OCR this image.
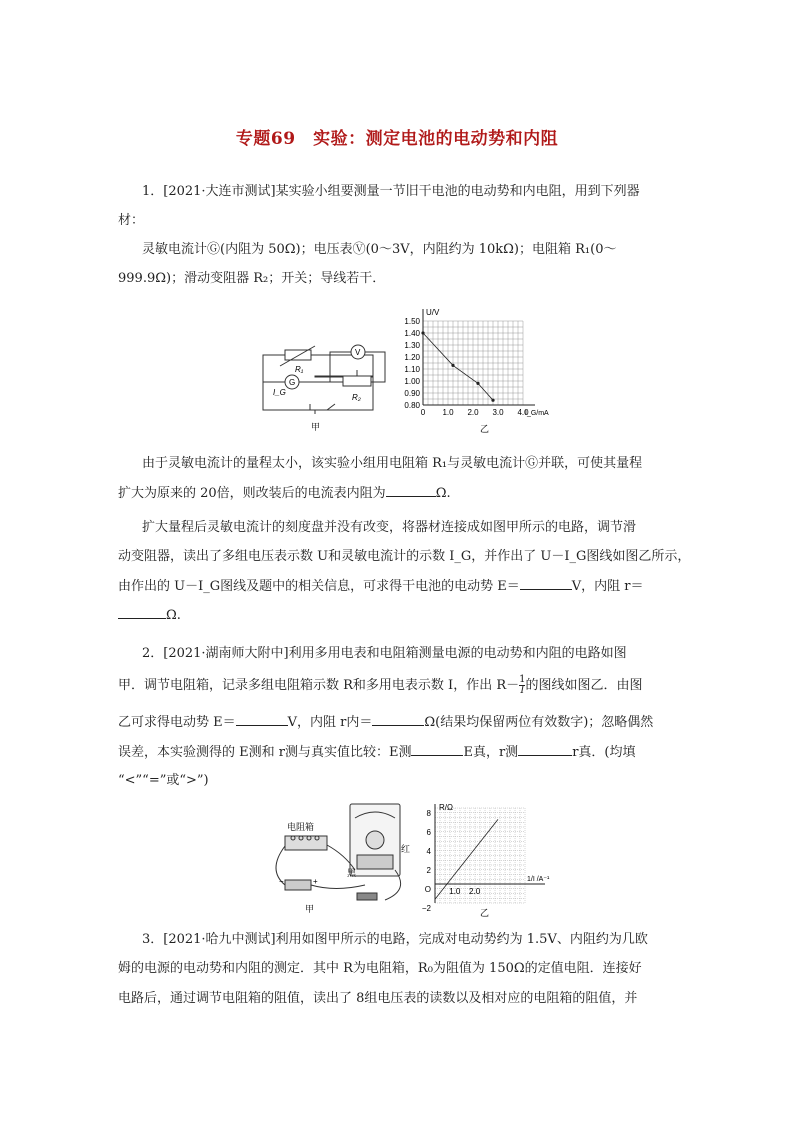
专题69　实验：测定电池的电动势和内阻
1．[2021·大连市测试]某实验小组要测量一节旧干电池的电动势和内电阻，用到下列器
材：
灵敏电流计Ⓖ(内阻为 50Ω)；电压表Ⓥ(0～3V，内阻约为 10kΩ)；电阻箱 R₁(0～
999.9Ω)；滑动变阻器 R₂；开关；导线若干．
R₁
R₂
I_G
G
V
甲
1.50
1.40
1.30
1.20
1.10
1.00
0.90
0.80
0 1.0 2.0 3.0 4.0
U/V
I_G/mA
乙
由于灵敏电流计的量程太小，该实验小组用电阻箱 R₁与灵敏电流计Ⓖ并联，可使其量程
扩大为原来的 20倍，则改装后的电流表内阻为	Ω.
扩大量程后灵敏电流计的刻度盘并没有改变，将器材连接成如图甲所示的电路，调节滑
动变阻器，读出了多组电压表示数 U和灵敏电流计的示数 I_G，并作出了 U－I_G图线如图乙所示，
由作出的 U－I_G图线及题中的相关信息，可求得干电池的电动势 E＝	V，内阻 r＝
Ω.
2．[2021·湖南师大附中]利用多用电表和电阻箱测量电源的电动势和内阻的电路如图
甲．调节电阻箱，记录多组电阻箱示数 R和多用电表示数 I，作出 $R- \frac{1}{I}$ 的图线如图乙．由图
乙可求得电动势 E＝	V，内阻 r内＝	Ω(结果均保留两位有效数字)；忽略偶然
误差，本实验测得的 E测和 r测与真实值比较：E测	E真，r测	r真．(均填
“<”“=”或“>”)
电阻箱
红
黑
+
−
甲
8
6
4
2
O
−2
1.0 2.0
R/Ω
1/I /A⁻¹
乙
3．[2021·哈九中测试]利用如图甲所示的电路，完成对电动势约为 1.5V、内阻约为几欧
姆的电源的电动势和内阻的测定．其中 R为电阻箱，R₀为阻值为 150Ω的定值电阻．连接好
电路后，通过调节电阻箱的阻值，读出了 8组电压表的读数以及相对应的电阻箱的阻值，并
